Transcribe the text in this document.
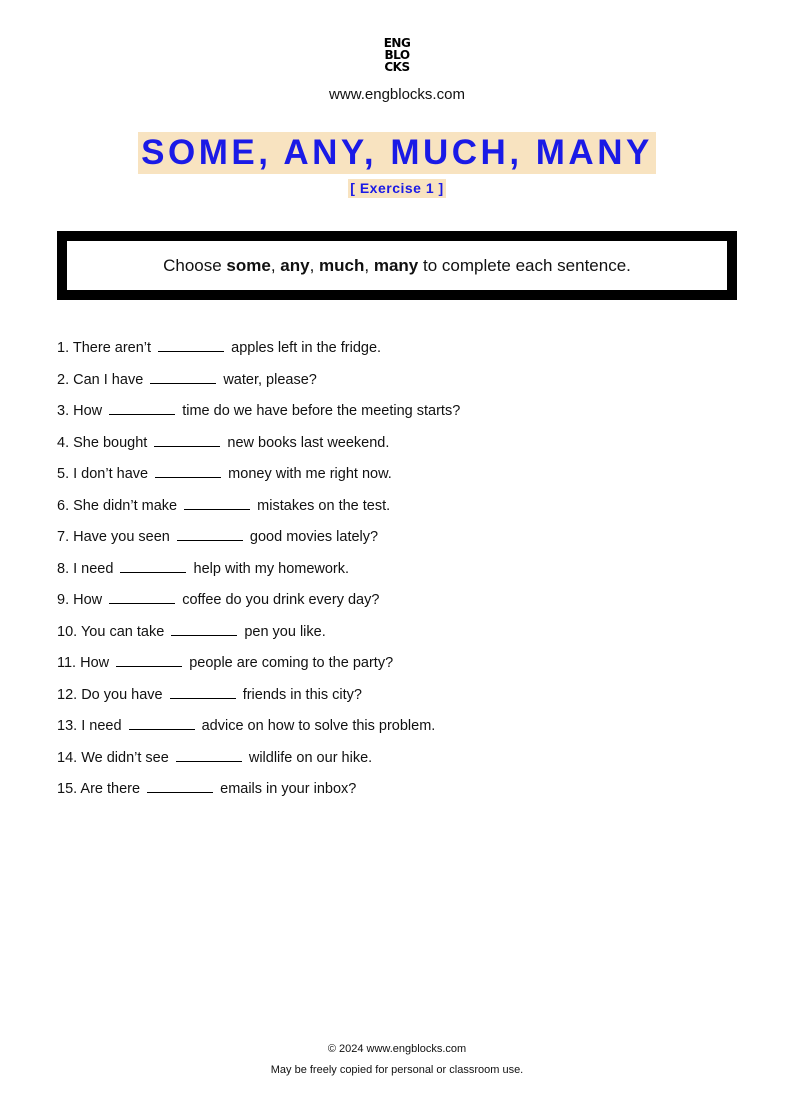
ENG
BLO
CKS
www.engblocks.com
SOME, ANY, MUCH, MANY
[ Exercise 1 ]
Choose some, any, much, many to complete each sentence.
1. There aren’t	apples left in the fridge.
2. Can I have	water, please?
3. How	time do we have before the meeting starts?
4. She bought	new books last weekend.
5. I don’t have	money with me right now.
6. She didn’t make	mistakes on the test.
7. Have you seen	good movies lately?
8. I need	help with my homework.
9. How	coffee do you drink every day?
10. You can take	pen you like.
11. How	people are coming to the party?
12. Do you have	friends in this city?
13. I need	advice on how to solve this problem.
14. We didn’t see	wildlife on our hike.
15. Are there	emails in your inbox?
© 2024 www.engblocks.com
May be freely copied for personal or classroom use.
